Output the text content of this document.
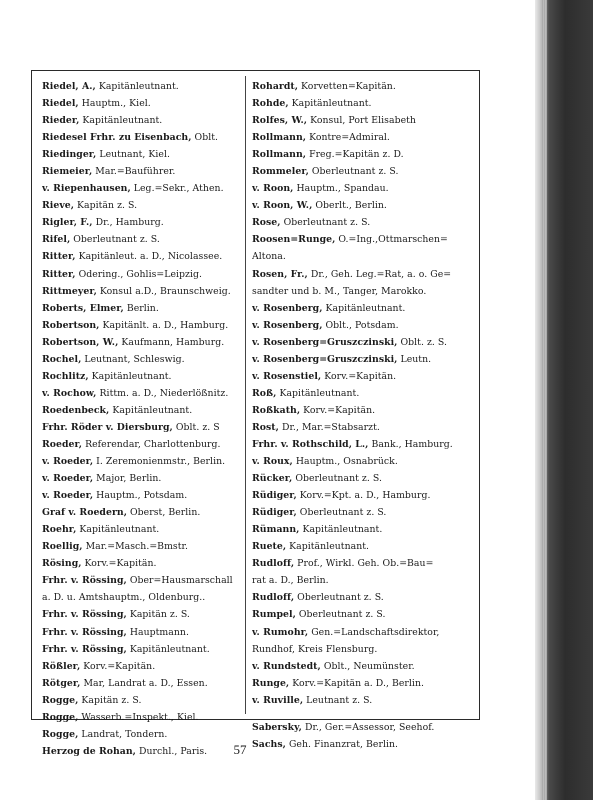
Riedel, A., Kapitänleutnant.
Riedel, Hauptm., Kiel.
Rieder, Kapitänleutnant.
Riedesel Frhr. zu Eisenbach, Oblt.
Riedinger, Leutnant, Kiel.
Riemeier, Mar.=Bauführer.
v. Riepenhausen, Leg.=Sekr., Athen.
Rieve, Kapitän z. S.
Rigler, F., Dr., Hamburg.
Rifel, Oberleutnant z. S.
Ritter, Kapitänleut. a. D., Nicolassee.
Ritter, Odering., Gohlis=Leipzig.
Rittmeyer, Konsul a.D., Braunschweig.
Roberts, Elmer, Berlin.
Robertson, Kapitänlt. a. D., Hamburg.
Robertson, W., Kaufmann, Hamburg.
Rochel, Leutnant, Schleswig.
Rochlitz, Kapitänleutnant.
v. Rochow, Rittm. a. D., Niederlößnitz.
Roedenbeck, Kapitänleutnant.
Frhr. Röder v. Diersburg, Oblt. z. S
Roeder, Referendar, Charlottenburg.
v. Roeder, I. Zeremonienmstr., Berlin.
v. Roeder, Major, Berlin.
v. Roeder, Hauptm., Potsdam.
Graf v. Roedern, Oberst, Berlin.
Roehr, Kapitänleutnant.
Roellig, Mar.=Masch.=Bmstr.
Rösing, Korv.=Kapitän.
Frhr. v. Rössing, Ober=Hausmarschall
a. D. u. Amtshauptm., Oldenburg..
Frhr. v. Rössing, Kapitän z. S.
Frhr. v. Rössing, Hauptmann.
Frhr. v. Rössing, Kapitänleutnant.
Rößler, Korv.=Kapitän.
Rötger, Mar, Landrat a. D., Essen.
Rogge, Kapitän z. S.
Rogge, Wasserb.=Inspekt., Kiel.
Rogge, Landrat, Tondern.
Herzog de Rohan, Durchl., Paris.
Rohardt, Korvetten=Kapitän.
Rohde, Kapitänleutnant.
Rolfes, W., Konsul, Port Elisabeth
Rollmann, Kontre=Admiral.
Rollmann, Freg.=Kapitän z. D.
Rommeler, Oberleutnant z. S.
v. Roon, Hauptm., Spandau.
v. Roon, W., Oberlt., Berlin.
Rose, Oberleutnant z. S.
Roosen=Runge, O.=Ing.,Ottmarschen=
Altona.
Rosen, Fr., Dr., Geh. Leg.=Rat, a. o. Ge=
sandter und b. M., Tanger, Marokko.
v. Rosenberg, Kapitänleutnant.
v. Rosenberg, Oblt., Potsdam.
v. Rosenberg=Gruszczinski, Oblt. z. S.
v. Rosenberg=Gruszczinski, Leutn.
v. Rosenstiel, Korv.=Kapitän.
Roß, Kapitänleutnant.
Roßkath, Korv.=Kapitän.
Rost, Dr., Mar.=Stabsarzt.
Frhr. v. Rothschild, L., Bank., Hamburg.
v. Roux, Hauptm., Osnabrück.
Rücker, Oberleutnant z. S.
Rüdiger, Korv.=Kpt. a. D., Hamburg.
Rüdiger, Oberleutnant z. S.
Rümann, Kapitänleutnant.
Ruete, Kapitänleutnant.
Rudloff, Prof., Wirkl. Geh. Ob.=Bau=
rat a. D., Berlin.
Rudloff, Oberleutnant z. S.
Rumpel, Oberleutnant z. S.
v. Rumohr, Gen.=Landschaftsdirektor,
Rundhof, Kreis Flensburg.
v. Rundstedt, Oblt., Neumünster.
Runge, Korv.=Kapitän a. D., Berlin.
v. Ruville, Leutnant z. S.
Sabersky, Dr., Ger.=Assessor, Seehof.
Sachs, Geh. Finanzrat, Berlin.
57
